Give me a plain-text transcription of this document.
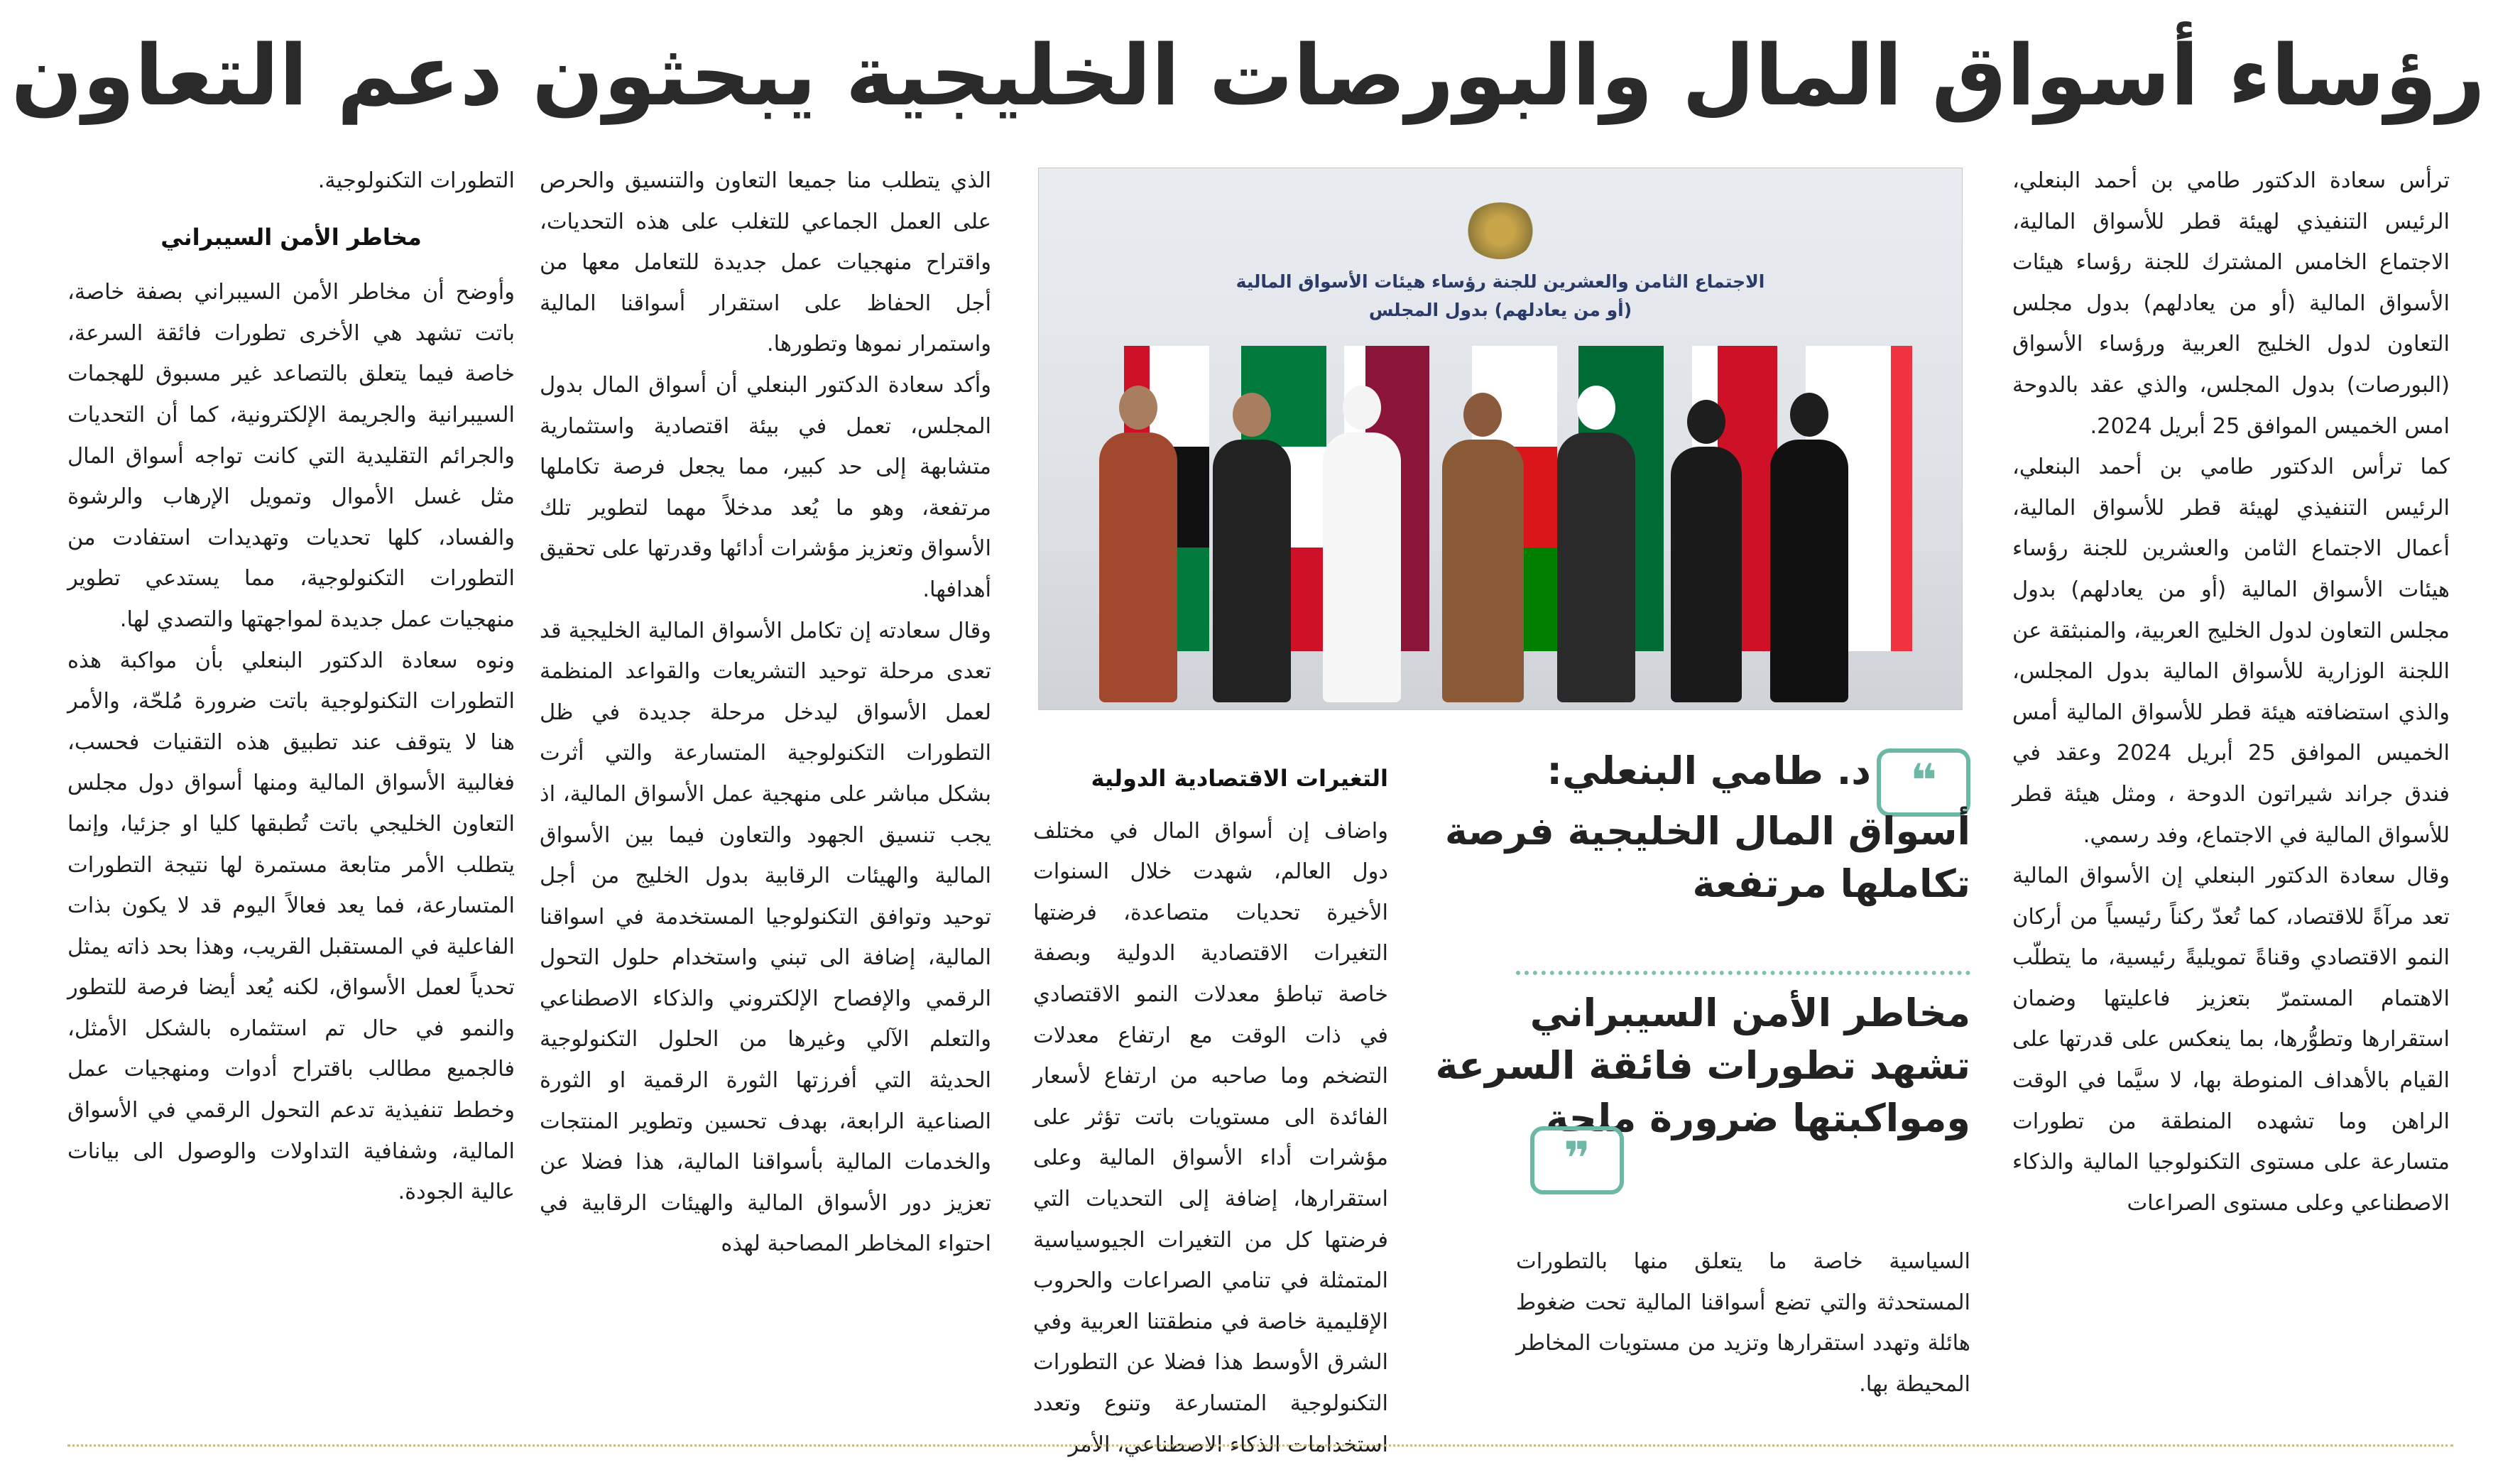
رؤساء أسواق المال والبورصات الخليجية يبحثون دعم التعاون

ترأس سعادة الدكتور طامي بن أحمد البنعلي، الرئيس التنفيذي لهيئة قطر للأسواق المالية، الاجتماع الخامس المشترك للجنة رؤساء هيئات الأسواق المالية (أو من يعادلهم) بدول مجلس التعاون لدول الخليج العربية ورؤساء الأسواق (البورصات) بدول المجلس، والذي عقد بالدوحة امس الخميس الموافق 25 أبريل 2024.

كما ترأس الدكتور طامي بن أحمد البنعلي، الرئيس التنفيذي لهيئة قطر للأسواق المالية، أعمال الاجتماع الثامن والعشرين للجنة رؤساء هيئات الأسواق المالية (أو من يعادلهم) بدول مجلس التعاون لدول الخليج العربية، والمنبثقة عن اللجنة الوزارية للأسواق المالية بدول المجلس، والذي استضافته هيئة قطر للأسواق المالية أمس الخميس الموافق 25 أبريل 2024 وعقد في فندق جراند شيراتون الدوحة ، ومثل هيئة قطر للأسواق المالية في الاجتماع، وفد رسمي.

وقال سعادة الدكتور البنعلي إن الأسواق المالية تعد مرآةً للاقتصاد، كما تُعدّ ركناً رئيسياً من أركان النمو الاقتصادي وقناةً تمويليةً رئيسية، ما يتطلّب الاهتمام المستمرّ بتعزيز فاعليتها وضمان استقرارها وتطوُّرها، بما ينعكس على قدرتها على القيام بالأهداف المنوطة بها، لا سيَّما في الوقت الراهن وما تشهده المنطقة من تطورات متسارعة على مستوى التكنولوجيا المالية والذكاء الاصطناعي وعلى مستوى الصراعات

الاجتماع الثامن والعشرين للجنة رؤساء هيئات الأسواق المالية
(أو من يعادلهم) بدول المجلس
❝
د. طامي البنعلي:
أسواق المال الخليجية فرصة
تكاملها مرتفعة
مخاطر الأمن السيبراني
تشهد تطورات فائقة السرعة
ومواكبتها ضرورة ملحة
❞
السياسية خاصة ما يتعلق منها بالتطورات المستحدثة والتي تضع أسواقنا المالية تحت ضغوط هائلة وتهدد استقرارها وتزيد من مستويات المخاطر المحيطة بها.
التغيرات الاقتصادية الدولية

واضاف إن أسواق المال في مختلف دول العالم، شهدت خلال السنوات الأخيرة تحديات متصاعدة، فرضتها التغيرات الاقتصادية الدولية وبصفة خاصة تباطؤ معدلات النمو الاقتصادي في ذات الوقت مع ارتفاع معدلات التضخم وما صاحبه من ارتفاع لأسعار الفائدة الى مستويات باتت تؤثر على مؤشرات أداء الأسواق المالية وعلى استقرارها، إضافة إلى التحديات التي فرضتها كل من التغيرات الجيوسياسية المتمثلة في تنامي الصراعات والحروب الإقليمية خاصة في منطقتنا العربية وفي الشرق الأوسط هذا فضلا عن التطورات التكنولوجية المتسارعة وتنوع وتعدد استخدامات الذكاء الاصطناعي، الأمر

الذي يتطلب منا جميعا التعاون والتنسيق والحرص على العمل الجماعي للتغلب على هذه التحديات، واقتراح منهجيات عمل جديدة للتعامل معها من أجل الحفاظ على استقرار أسواقنا المالية واستمرار نموها وتطورها.

وأكد سعادة الدكتور البنعلي أن أسواق المال بدول المجلس، تعمل في بيئة اقتصادية واستثمارية متشابهة إلى حد كبير، مما يجعل فرصة تكاملها مرتفعة، وهو ما يُعد مدخلاً مهما لتطوير تلك الأسواق وتعزيز مؤشرات أدائها وقدرتها على تحقيق أهدافها.

وقال سعادته إن تكامل الأسواق المالية الخليجية قد تعدى مرحلة توحيد التشريعات والقواعد المنظمة لعمل الأسواق ليدخل مرحلة جديدة في ظل التطورات التكنولوجية المتسارعة والتي أثرت بشكل مباشر على منهجية عمل الأسواق المالية، اذ يجب تنسيق الجهود والتعاون فيما بين الأسواق المالية والهيئات الرقابية بدول الخليج من أجل توحيد وتوافق التكنولوجيا المستخدمة في اسواقنا المالية، إضافة الى تبني واستخدام حلول التحول الرقمي والإفصاح الإلكتروني والذكاء الاصطناعي والتعلم الآلي وغيرها من الحلول التكنولوجية الحديثة التي أفرزتها الثورة الرقمية او الثورة الصناعية الرابعة، بهدف تحسين وتطوير المنتجات والخدمات المالية بأسواقنا المالية، هذا فضلا عن تعزيز دور الأسواق المالية والهيئات الرقابية في احتواء المخاطر المصاحبة لهذه

التطورات التكنولوجية.

مخاطر الأمن السيبراني

وأوضح أن مخاطر الأمن السيبراني بصفة خاصة، باتت تشهد هي الأخرى تطورات فائقة السرعة، خاصة فيما يتعلق بالتصاعد غير مسبوق للهجمات السيبرانية والجريمة الإلكترونية، كما أن التحديات والجرائم التقليدية التي كانت تواجه أسواق المال مثل غسل الأموال وتمويل الإرهاب والرشوة والفساد، كلها تحديات وتهديدات استفادت من التطورات التكنولوجية، مما يستدعي تطوير منهجيات عمل جديدة لمواجهتها والتصدي لها.

ونوه سعادة الدكتور البنعلي بأن مواكبة هذه التطورات التكنولوجية باتت ضرورة مُلحّة، والأمر هنا لا يتوقف عند تطبيق هذه التقنيات فحسب، فغالبية الأسواق المالية ومنها أسواق دول مجلس التعاون الخليجي باتت تُطبقها كليا او جزئيا، وإنما يتطلب الأمر متابعة مستمرة لها نتيجة التطورات المتسارعة، فما يعد فعالاً اليوم قد لا يكون بذات الفاعلية في المستقبل القريب، وهذا بحد ذاته يمثل تحدياً لعمل الأسواق، لكنه يُعد أيضا فرصة للتطور والنمو في حال تم استثماره بالشكل الأمثل، فالجميع مطالب باقتراح أدوات ومنهجيات عمل وخطط تنفيذية تدعم التحول الرقمي في الأسواق المالية، وشفافية التداولات والوصول الى بيانات عالية الجودة.
